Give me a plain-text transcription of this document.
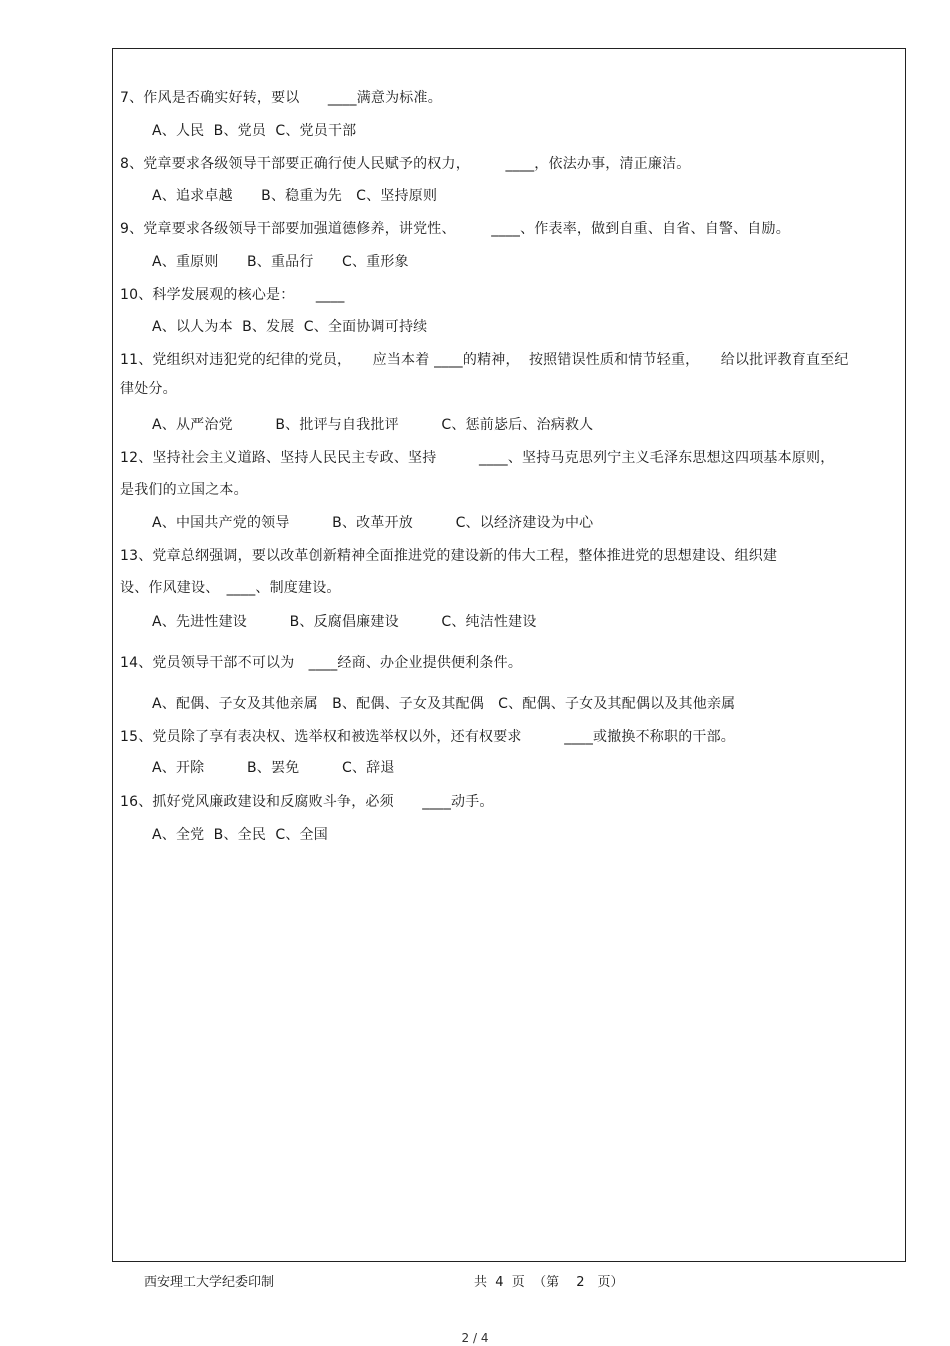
7、作风是否确实好转，要以　　____满意为标准。
A、人民  B、党员  C、党员干部
8、党章要求各级领导干部要正确行使人民赋予的权力，　　　____，依法办事，清正廉洁。
A、追求卓越　　B、稳重为先　C、坚持原则
9、党章要求各级领导干部要加强道德修养，讲党性、　　　____、作表率，做到自重、自省、自警、自励。
A、重原则　　B、重品行　　C、重形象
10、科学发展观的核心是：　　____
A、以人为本  B、发展  C、全面协调可持续
11、党组织对违犯党的纪律的党员，　　应当本着 ____的精神，  按照错误性质和情节轻重，　　给以批评教育直至纪
律处分。
A、从严治党　　　B、批评与自我批评　　　C、惩前毖后、治病救人
12、坚持社会主义道路、坚持人民民主专政、坚持　　　____、坚持马克思列宁主义毛泽东思想这四项基本原则，
是我们的立国之本。
A、中国共产党的领导　　　B、改革开放　　　C、以经济建设为中心
13、党章总纲强调，要以改革创新精神全面推进党的建设新的伟大工程，整体推进党的思想建设、组织建
设、作风建设、　____、制度建设。
A、先进性建设　　　B、反腐倡廉建设　　　C、纯洁性建设
14、党员领导干部不可以为　____经商、办企业提供便利条件。
A、配偶、子女及其他亲属　B、配偶、子女及其配偶　C、配偶、子女及其配偶以及其他亲属
15、党员除了享有表决权、选举权和被选举权以外，还有权要求　　　____或撤换不称职的干部。
A、开除　　　B、罢免　　　C、辞退
16、抓好党风廉政建设和反腐败斗争，必须　　____动手。
A、全党  B、全民  C、全国
西安理工大学纪委印制	共  4  页  （第　 2　页）
2 / 4
